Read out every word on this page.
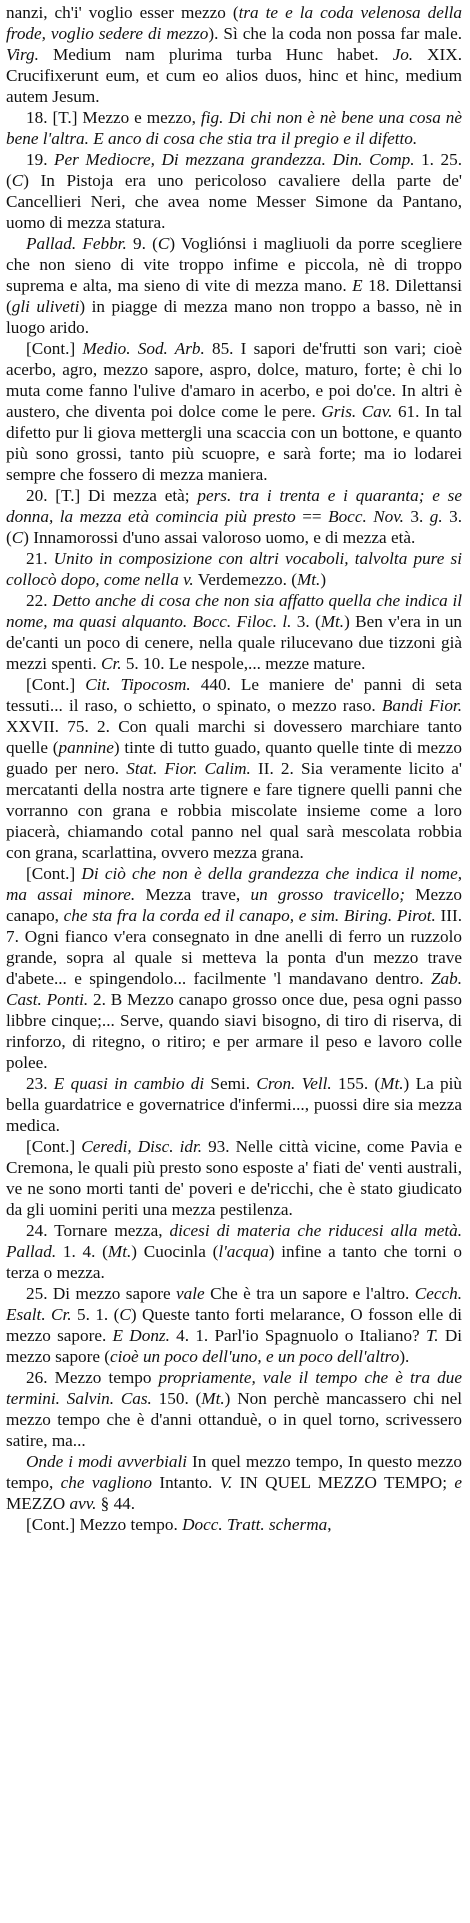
nanzi, ch'i' voglio esser mezzo (tra te e la coda velenosa della frode, voglio sedere di mezzo). Sì che la coda non possa far male. Virg. Medium nam plurima turba Hunc habet. Jo. XIX. Crucifixerunt eum, et cum eo alios duos, hinc et hinc, medium autem Jesum.

18. [T.] Mezzo e mezzo, fig. Di chi non è nè bene una cosa nè bene l'altra. E anco di cosa che stia tra il pregio e il difetto.

19. Per Mediocre, Di mezzana grandezza. Din. Comp. 1. 25. (C) In Pistoja era uno pericoloso cavaliere della parte de' Cancellieri Neri, che avea nome Messer Simone da Pantano, uomo di mezza statura.

Pallad. Febbr. 9. (C) Vogliónsi i magliuoli da porre scegliere che non sieno di vite troppo infime e piccola, nè di troppo suprema e alta, ma sieno di vite di mezza mano. E 18. Dilettansi (gli uliveti) in piagge di mezza mano non troppo a basso, nè in luogo arido.

[Cont.] Medio. Sod. Arb. 85. I sapori de'frutti son vari; cioè acerbo, agro, mezzo sapore, aspro, dolce, maturo, forte; è chi lo muta come fanno l'ulive d'amaro in acerbo, e poi do'ce. In altri è austero, che diventa poi dolce come le pere. Gris. Cav. 61. In tal difetto pur li giova mettergli una scaccia con un bottone, e quanto più sono grossi, tanto più scuopre, e sarà forte; ma io lodarei sempre che fossero di mezza maniera.

20. [T.] Di mezza età; pers. tra i trenta e i quaranta; e se donna, la mezza età comincia più presto == Bocc. Nov. 3. g. 3. (C) Innamorossi d'uno assai valoroso uomo, e di mezza età.

21. Unito in composizione con altri vocaboli, talvolta pure si collocò dopo, come nella v. Verdemezzo. (Mt.)

22. Detto anche di cosa che non sia affatto quella che indica il nome, ma quasi alquanto. Bocc. Filoc. l. 3. (Mt.) Ben v'era in un de'canti un poco di cenere, nella quale rilucevano due tizzoni già mezzi spenti. Cr. 5. 10. Le nespole,... mezze mature.

[Cont.] Cit. Tipocosm. 440. Le maniere de' panni di seta tessuti... il raso, o schietto, o spinato, o mezzo raso. Bandi Fior. XXVII. 75. 2. Con quali marchi si dovessero marchiare tanto quelle (pannine) tinte di tutto guado, quanto quelle tinte di mezzo guado per nero. Stat. Fior. Calim. II. 2. Sia veramente licito a' mercatanti della nostra arte tignere e fare tignere quelli panni che vorranno con grana e robbia miscolate insieme come a loro piacerà, chiamando cotal panno nel qual sarà mescolata robbia con grana, scarlattina, ovvero mezza grana.

[Cont.] Di ciò che non è della grandezza che indica il nome, ma assai minore. Mezza trave, un grosso travicello; Mezzo canapo, che sta fra la corda ed il canapo, e sim. Biring. Pirot. III. 7. Ogni fianco v'era consegnato in dne anelli di ferro un ruzzolo grande, sopra al quale si metteva la ponta d'un mezzo trave d'abete... e spingendolo... facilmente 'l mandavano dentro. Zab. Cast. Ponti. 2. B Mezzo canapo grosso once due, pesa ogni passo libbre cinque;... Serve, quando siavi bisogno, di tiro di riserva, di rinforzo, di ritegno, o ritiro; e per armare il peso e lavoro colle polee.

23. E quasi in cambio di Semi. Cron. Vell. 155. (Mt.) La più bella guardatrice e governatrice d'infermi..., puossi dire sia mezza medica.

[Cont.] Ceredi, Disc. idr. 93. Nelle città vicine, come Pavia e Cremona, le quali più presto sono esposte a' fiati de' venti australi, ve ne sono morti tanti de' poveri e de'ricchi, che è stato giudicato da gli uomini periti una mezza pestilenza.

24. Tornare mezza, dicesi di materia che riducesi alla metà. Pallad. 1. 4. (Mt.) Cuocinla (l'acqua) infine a tanto che torni o terza o mezza.

25. Di mezzo sapore vale Che è tra un sapore e l'altro. Cecch. Esalt. Cr. 5. 1. (C) Queste tanto forti melarance, O fosson elle di mezzo sapore. E Donz. 4. 1. Parl'io Spagnuolo o Italiano? T. Di mezzo sapore (cioè un poco dell'uno, e un poco dell'altro).

26. Mezzo tempo propriamente, vale il tempo che è tra due termini. Salvin. Cas. 150. (Mt.) Non perchè mancassero chi nel mezzo tempo che è d'anni ottanduè, o in quel torno, scrivessero satire, ma...

Onde i modi avverbiali In quel mezzo tempo, In questo mezzo tempo, che vagliono Intanto. V. IN QUEL MEZZO TEMPO; e MEZZO avv. § 44.

[Cont.] Mezzo tempo. Docc. Tratt. scherma,
